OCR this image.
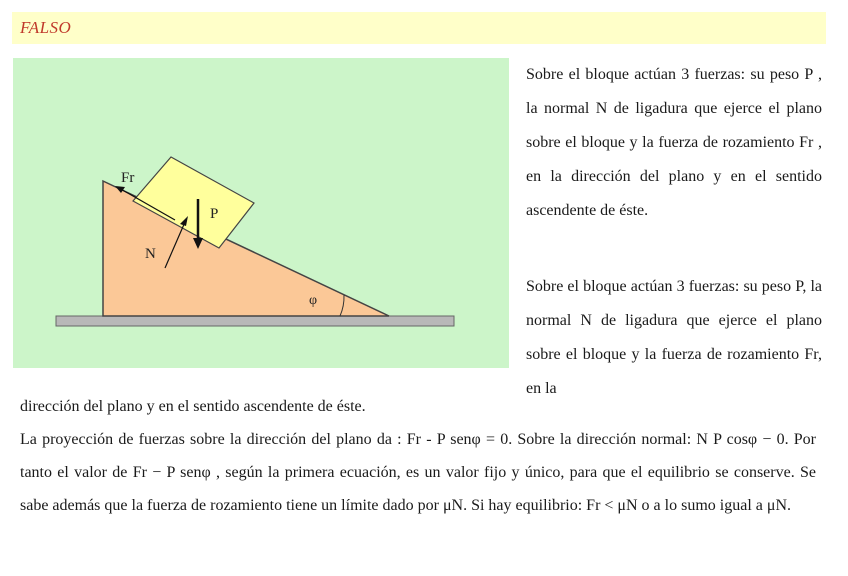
FALSO
Fr
P
N
φ

Sobre el bloque actúan 3 fuerzas: su peso P , la normal N de ligadura que ejerce el plano sobre el bloque y la fuerza de rozamiento Fr , en la dirección del plano y en el sentido ascendente de éste.

dirección del plano y en el sentido ascendente de éste.

La proyección de fuerzas sobre la dirección del plano da : Fr - P senφ = 0. Sobre la dirección normal: N P cosφ − 0. Por tanto el valor de Fr − P senφ , según la primera ecuación, es un valor fijo y único, para que el equilibrio se conserve. Se sabe además que la fuerza de rozamiento tiene un límite dado por μN. Si hay equilibrio: Fr < μN o a lo sumo igual a μN.

Sobre el bloque actúan 3 fuerzas: su peso P, la normal N de ligadura que ejerce el plano sobre el bloque y la fuerza de rozamiento Fr, en la
